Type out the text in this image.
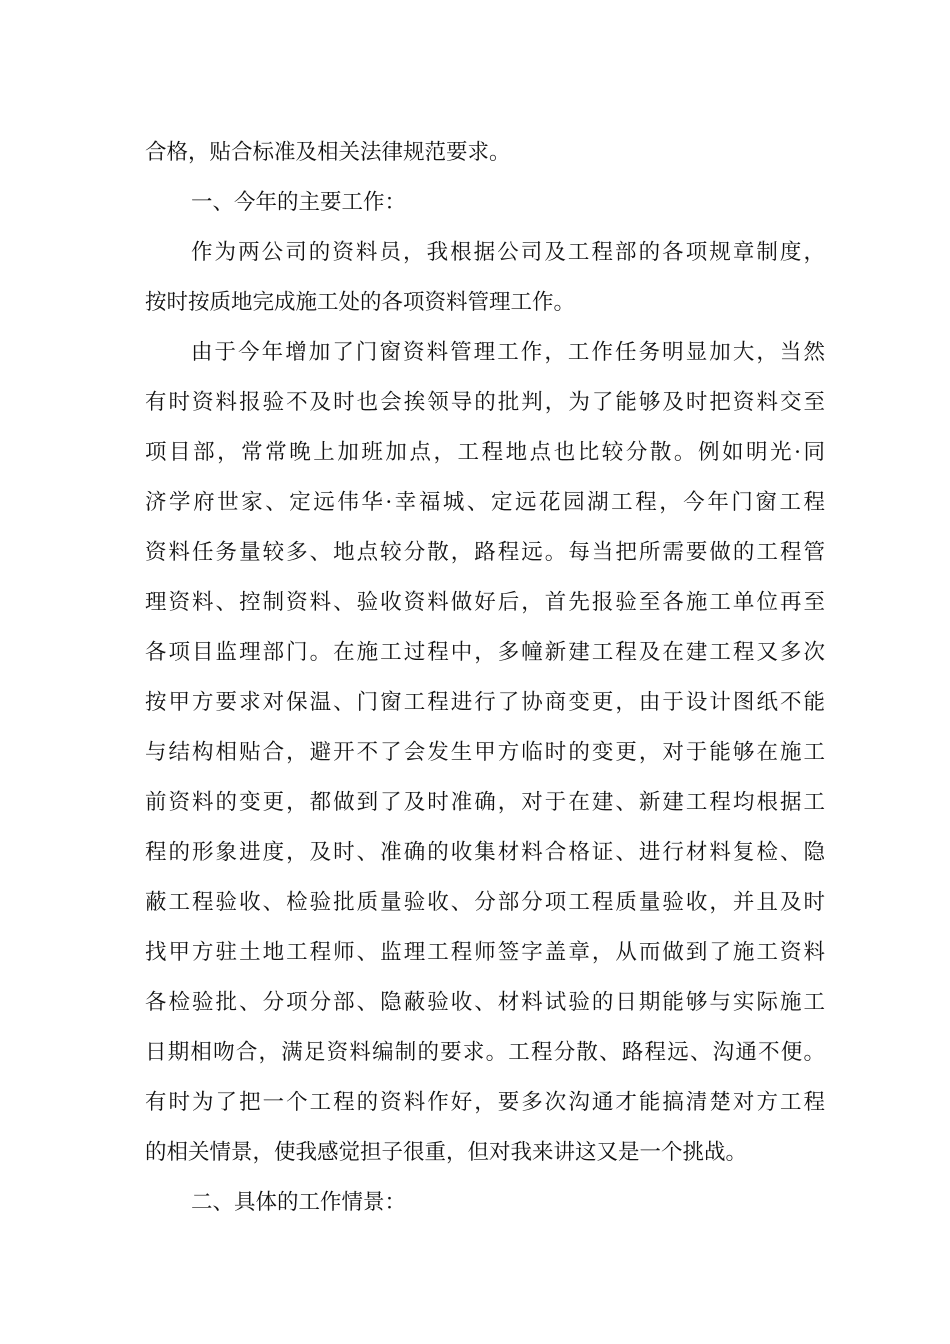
合格，贴合标准及相关法律规范要求。
一、今年的主要工作：
作为两公司的资料员，我根据公司及工程部的各项规章制度，
按时按质地完成施工处的各项资料管理工作。
由于今年增加了门窗资料管理工作，工作任务明显加大，当然
有时资料报验不及时也会挨领导的批判，为了能够及时把资料交至
项目部，常常晚上加班加点，工程地点也比较分散。例如明光·同
济学府世家、定远伟华·幸福城、定远花园湖工程，今年门窗工程
资料任务量较多、地点较分散，路程远。每当把所需要做的工程管
理资料、控制资料、验收资料做好后，首先报验至各施工单位再至
各项目监理部门。在施工过程中，多幢新建工程及在建工程又多次
按甲方要求对保温、门窗工程进行了协商变更，由于设计图纸不能
与结构相贴合，避开不了会发生甲方临时的变更，对于能够在施工
前资料的变更，都做到了及时准确，对于在建、新建工程均根据工
程的形象进度，及时、准确的收集材料合格证、进行材料复检、隐
蔽工程验收、检验批质量验收、分部分项工程质量验收，并且及时
找甲方驻土地工程师、监理工程师签字盖章，从而做到了施工资料
各检验批、分项分部、隐蔽验收、材料试验的日期能够与实际施工
日期相吻合，满足资料编制的要求。工程分散、路程远、沟通不便。
有时为了把一个工程的资料作好，要多次沟通才能搞清楚对方工程
的相关情景，使我感觉担子很重，但对我来讲这又是一个挑战。
二、具体的工作情景：
